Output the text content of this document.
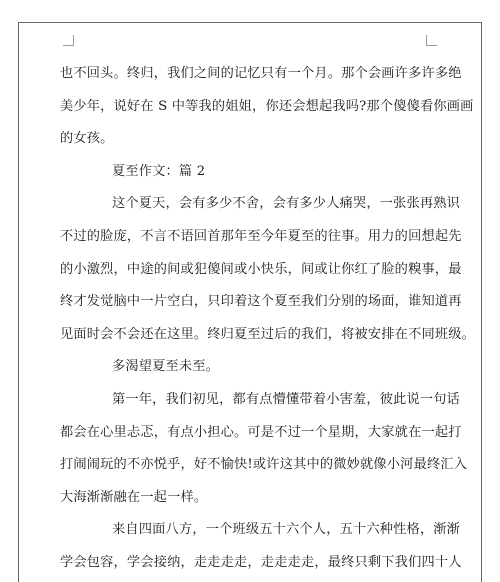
也不回头。终归，我们之间的记忆只有一个月。那个会画许多许多绝
美少年，说好在 S 中等我的姐姐，你还会想起我吗?那个傻傻看你画画
的女孩。
夏至作文：篇 2
这个夏天，会有多少不舍，会有多少人痛哭，一张张再熟识
不过的脸庞，不言不语回首那年至今年夏至的往事。用力的回想起先
的小激烈，中途的间或犯傻间或小快乐，间或让你红了脸的糗事，最
终才发觉脑中一片空白，只印着这个夏至我们分别的场面，谁知道再
见面时会不会还在这里。终归夏至过后的我们，将被安排在不同班级。
多渴望夏至未至。
第一年，我们初见，都有点懵懂带着小害羞，彼此说一句话
都会在心里忐忑，有点小担心。可是不过一个星期，大家就在一起打
打闹闹玩的不亦悦乎，好不愉快!或许这其中的微妙就像小河最终汇入
大海渐渐融在一起一样。
来自四面八方，一个班级五十六个人，五十六种性格，渐渐
学会包容，学会接纳，走走走走，走走走走，最终只剩下我们四十人
